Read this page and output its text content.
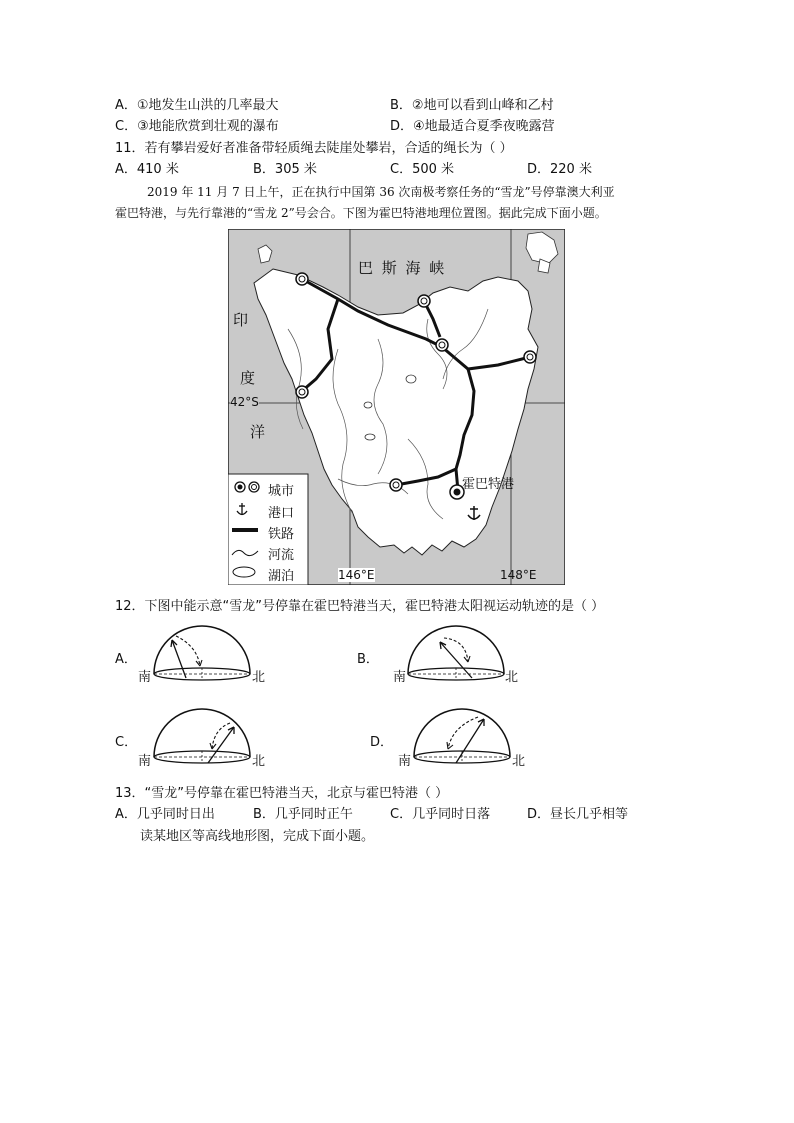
A．①地发生山洪的几率最大	B．②地可以看到山峰和乙村
C．③地能欣赏到壮观的瀑布	D．④地最适合夏季夜晚露营
11．若有攀岩爱好者准备带轻质绳去陡崖处攀岩，合适的绳长为（ ）
A．410 米	B．305 米	C．500 米	D．220 米
2019 年 11 月 7 日上午，正在执行中国第 36 次南极考察任务的“雪龙”号停靠澳大利亚
霍巴特港，与先行靠港的“雪龙 2”号会合。下图为霍巴特港地理位置图。据此完成下面小题。
巴 斯 海 峡
印
度
洋
42°S
146°E	148°E
霍巴特港
城市
港口
铁路
河流
湖泊
12．下图中能示意“雪龙”号停靠在霍巴特港当天，霍巴特港太阳视运动轨迹的是（ ）
A．
南	北
B．
南	北
C．
南	北
D．
南	北
13．“雪龙”号停靠在霍巴特港当天，北京与霍巴特港（ ）
A．几乎同时日出	B．几乎同时正午	C．几乎同时日落	D．昼长几乎相等
读某地区等高线地形图，完成下面小题。
